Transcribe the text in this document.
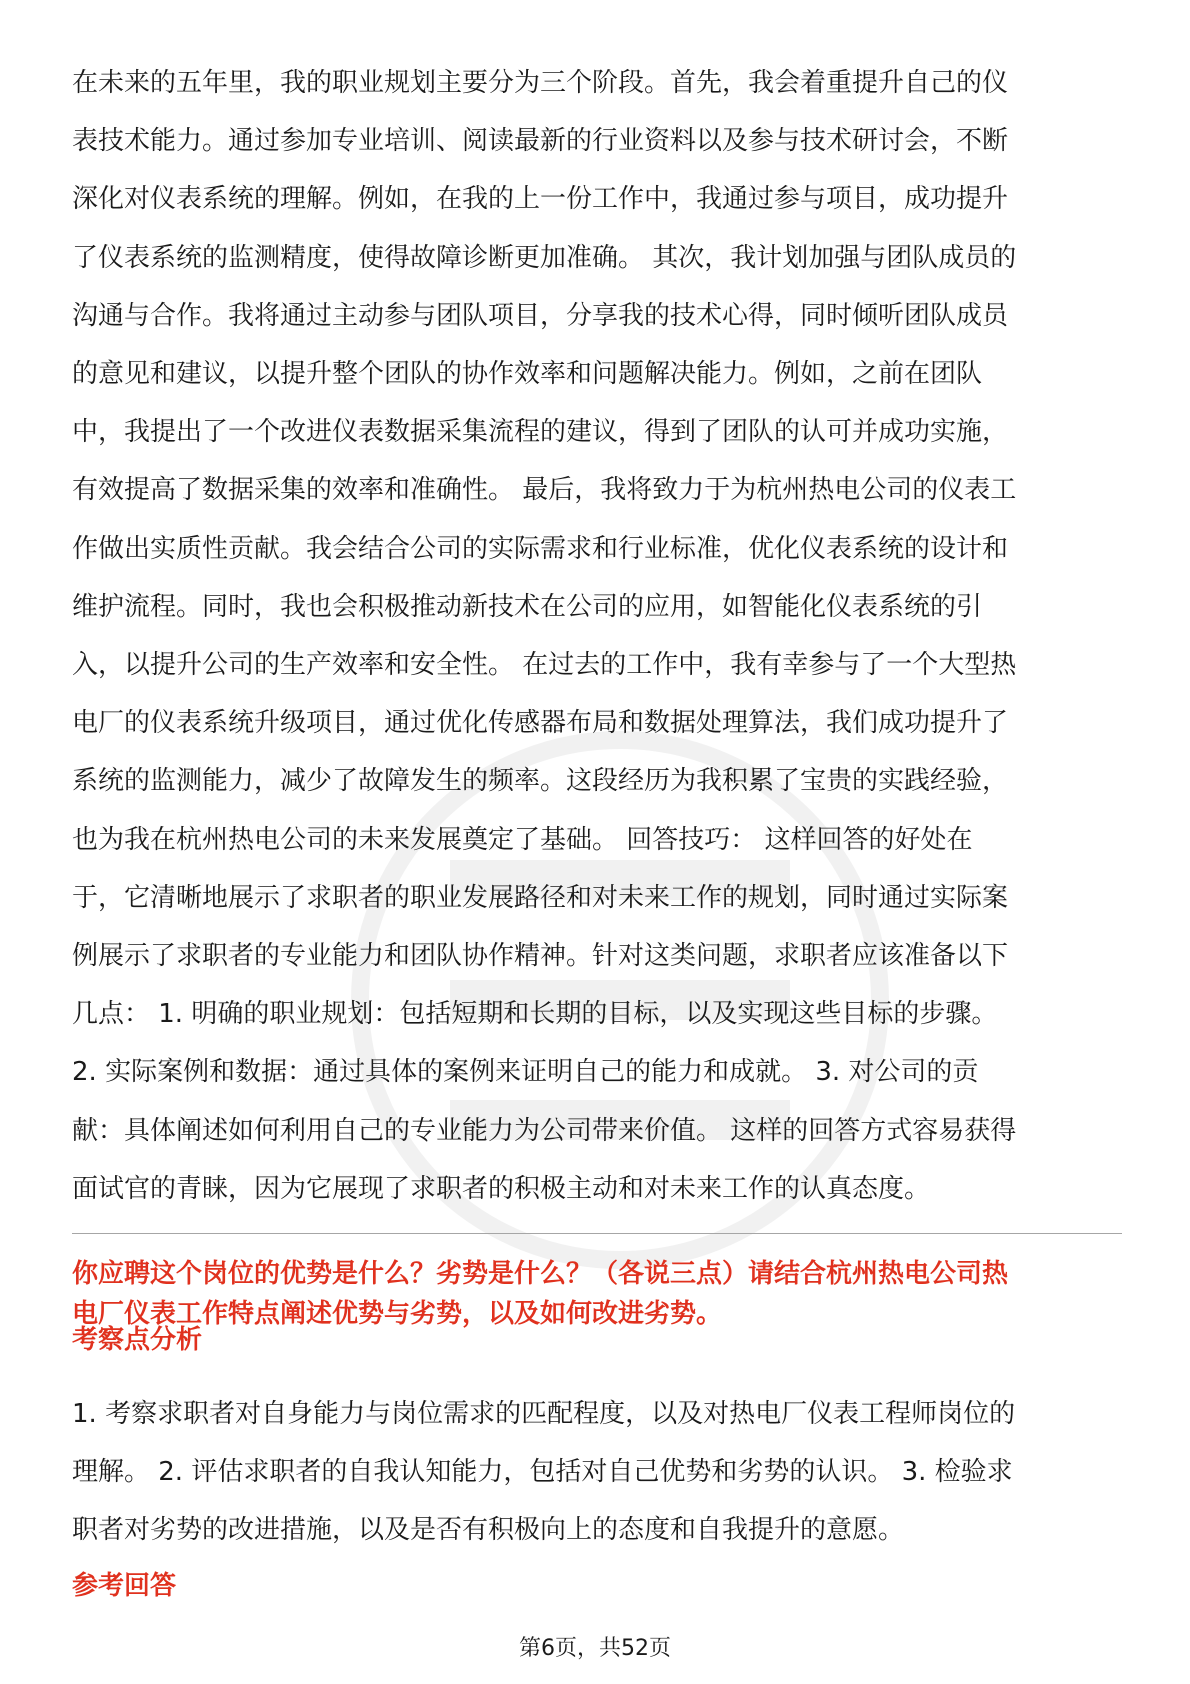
在未来的五年里，我的职业规划主要分为三个阶段。首先，我会着重提升自己的仪
表技术能力。通过参加专业培训、阅读最新的行业资料以及参与技术研讨会，不断
深化对仪表系统的理解。例如，在我的上一份工作中，我通过参与项目，成功提升
了仪表系统的监测精度，使得故障诊断更加准确。 其次，我计划加强与团队成员的
沟通与合作。我将通过主动参与团队项目，分享我的技术心得，同时倾听团队成员
的意见和建议，以提升整个团队的协作效率和问题解决能力。例如，之前在团队
中，我提出了一个改进仪表数据采集流程的建议，得到了团队的认可并成功实施，
有效提高了数据采集的效率和准确性。 最后，我将致力于为杭州热电公司的仪表工
作做出实质性贡献。我会结合公司的实际需求和行业标准，优化仪表系统的设计和
维护流程。同时，我也会积极推动新技术在公司的应用，如智能化仪表系统的引
入，以提升公司的生产效率和安全性。 在过去的工作中，我有幸参与了一个大型热
电厂的仪表系统升级项目，通过优化传感器布局和数据处理算法，我们成功提升了
系统的监测能力，减少了故障发生的频率。这段经历为我积累了宝贵的实践经验，
也为我在杭州热电公司的未来发展奠定了基础。 回答技巧： 这样回答的好处在
于，它清晰地展示了求职者的职业发展路径和对未来工作的规划，同时通过实际案
例展示了求职者的专业能力和团队协作精神。针对这类问题，求职者应该准备以下
几点： 1. 明确的职业规划：包括短期和长期的目标，以及实现这些目标的步骤。
2. 实际案例和数据：通过具体的案例来证明自己的能力和成就。 3. 对公司的贡
献：具体阐述如何利用自己的专业能力为公司带来价值。 这样的回答方式容易获得
面试官的青睐，因为它展现了求职者的积极主动和对未来工作的认真态度。
你应聘这个岗位的优势是什么？劣势是什么？（各说三点）请结合杭州热电公司热
电厂仪表工作特点阐述优势与劣势，以及如何改进劣势。
考察点分析
1. 考察求职者对自身能力与岗位需求的匹配程度，以及对热电厂仪表工程师岗位的
理解。 2. 评估求职者的自我认知能力，包括对自己优势和劣势的认识。 3. 检验求
职者对劣势的改进措施，以及是否有积极向上的态度和自我提升的意愿。
参考回答
第6页，共52页
